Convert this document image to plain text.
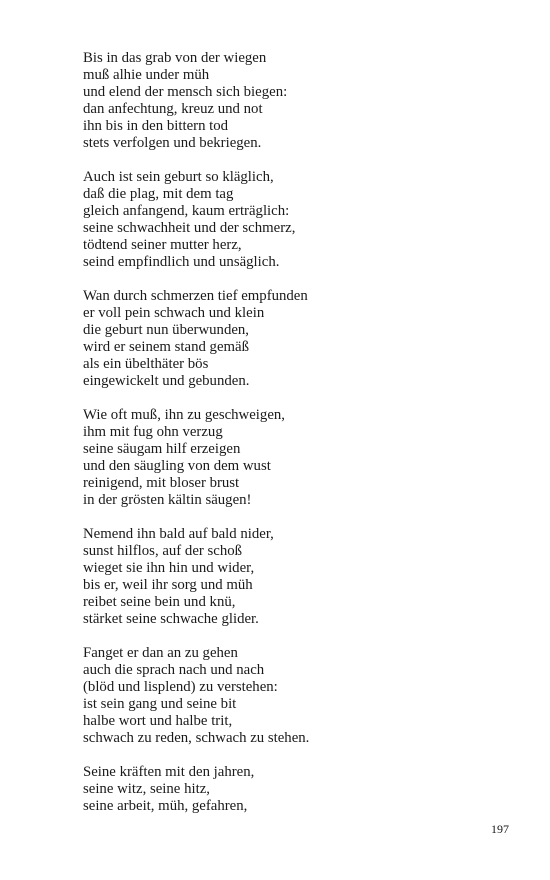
Bis in das grab von der wiegen
muß alhie under müh
und elend der mensch sich biegen:
dan anfechtung, kreuz und not
ihn bis in den bittern tod
stets verfolgen und bekriegen.
Auch ist sein geburt so kläglich,
daß die plag, mit dem tag
gleich anfangend, kaum erträglich:
seine schwachheit und der schmerz,
tödtend seiner mutter herz,
seind empfindlich und unsäglich.
Wan durch schmerzen tief empfunden
er voll pein schwach und klein
die geburt nun überwunden,
wird er seinem stand gemäß
als ein übelthäter bös
eingewickelt und gebunden.
Wie oft muß, ihn zu geschweigen,
ihm mit fug ohn verzug
seine säugam hilf erzeigen
und den säugling von dem wust
reinigend, mit bloser brust
in der grösten kältin säugen!
Nemend ihn bald auf bald nider,
sunst hilflos, auf der schoß
wieget sie ihn hin und wider,
bis er, weil ihr sorg und müh
reibet seine bein und knü,
stärket seine schwache glider.
Fanget er dan an zu gehen
auch die sprach nach und nach
(blöd und lisplend) zu verstehen:
ist sein gang und seine bit
halbe wort und halbe trit,
schwach zu reden, schwach zu stehen.
Seine kräften mit den jahren,
seine witz, seine hitz,
seine arbeit, müh, gefahren,
197
